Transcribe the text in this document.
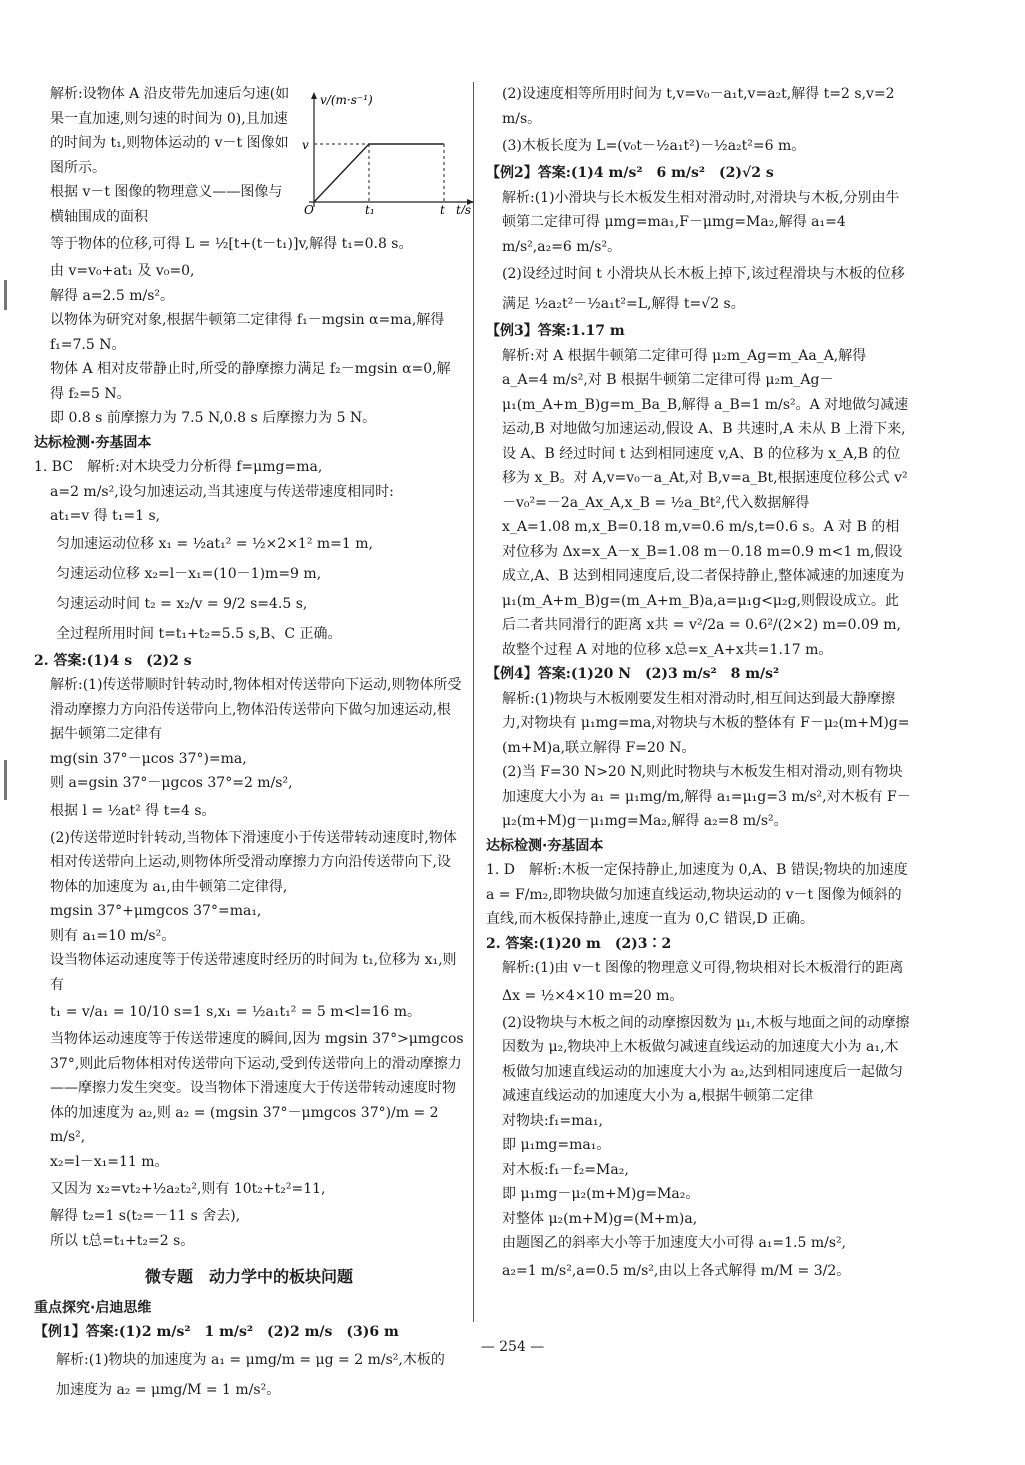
v/(m·s⁻¹)
v
O	t₁	t t/s

解析:设物体 A 沿皮带先加速后匀速(如果一直加速,则匀速的时间为 0),且加速的时间为 t₁,则物体运动的 v－t 图像如图所示。

根据 v－t 图像的物理意义——图像与横轴围成的面积

等于物体的位移,可得 L = ½[t+(t－t₁)]v,解得 t₁=0.8 s。

由 v=v₀+at₁ 及 v₀=0,

解得 a=2.5 m/s²。

以物体为研究对象,根据牛顿第二定律得 f₁－mgsin α=ma,解得 f₁=7.5 N。

物体 A 相对皮带静止时,所受的静摩擦力满足 f₂－mgsin α=0,解得 f₂=5 N。

即 0.8 s 前摩擦力为 7.5 N,0.8 s 后摩擦力为 5 N。

达标检测·夯基固本

1. BC　解析:对木块受力分析得 f=μmg=ma,

a=2 m/s²,设匀加速运动,当其速度与传送带速度相同时:

at₁=v 得 t₁=1 s,

匀加速运动位移 x₁ = ½at₁² = ½×2×1² m=1 m,

匀速运动位移 x₂=l－x₁=(10－1)m=9 m,

匀速运动时间 t₂ = x₂/v = 9/2 s=4.5 s,

全过程所用时间 t=t₁+t₂=5.5 s,B、C 正确。

2. 答案:(1)4 s　(2)2 s

解析:(1)传送带顺时针转动时,物体相对传送带向下运动,则物体所受滑动摩擦力方向沿传送带向上,物体沿传送带向下做匀加速运动,根据牛顿第二定律有

mg(sin 37°－μcos 37°)=ma,

则 a=gsin 37°－μgcos 37°=2 m/s²,

根据 l = ½at² 得 t=4 s。

(2)传送带逆时针转动,当物体下滑速度小于传送带转动速度时,物体相对传送带向上运动,则物体所受滑动摩擦力方向沿传送带向下,设物体的加速度为 a₁,由牛顿第二定律得,

mgsin 37°+μmgcos 37°=ma₁,

则有 a₁=10 m/s²。

设当物体运动速度等于传送带速度时经历的时间为 t₁,位移为 x₁,则有

t₁ = v/a₁ = 10/10 s=1 s,x₁ = ½a₁t₁² = 5 m<l=16 m。

当物体运动速度等于传送带速度的瞬间,因为 mgsin 37°>μmgcos 37°,则此后物体相对传送带向下运动,受到传送带向上的滑动摩擦力——摩擦力发生突变。设当物体下滑速度大于传送带转动速度时物体的加速度为 a₂,则 a₂ = (mgsin 37°－μmgcos 37°)/m = 2 m/s²,

x₂=l－x₁=11 m。

又因为 x₂=vt₂+½a₂t₂²,则有 10t₂+t₂²=11,

解得 t₂=1 s(t₂=－11 s 舍去),

所以 t总=t₁+t₂=2 s。

微专题　动力学中的板块问题

重点探究·启迪思维

【例1】答案:(1)2 m/s²　1 m/s²　(2)2 m/s　(3)6 m

解析:(1)物块的加速度为 a₁ = μmg/m = μg = 2 m/s²,木板的

加速度为 a₂ = μmg/M = 1 m/s²。

(2)设速度相等所用时间为 t,v=v₀－a₁t,v=a₂t,解得 t=2 s,v=2 m/s。

(3)木板长度为 L=(v₀t－½a₁t²)－½a₂t²=6 m。

【例2】答案:(1)4 m/s²　6 m/s²　(2)√2 s

解析:(1)小滑块与长木板发生相对滑动时,对滑块与木板,分别由牛顿第二定律可得 μmg=ma₁,F－μmg=Ma₂,解得 a₁=4 m/s²,a₂=6 m/s²。

(2)设经过时间 t 小滑块从长木板上掉下,该过程滑块与木板的位移满足 ½a₂t²－½a₁t²=L,解得 t=√2 s。

【例3】答案:1.17 m

解析:对 A 根据牛顿第二定律可得 μ₂m_Ag=m_Aa_A,解得 a_A=4 m/s²,对 B 根据牛顿第二定律可得 μ₂m_Ag－μ₁(m_A+m_B)g=m_Ba_B,解得 a_B=1 m/s²。A 对地做匀减速运动,B 对地做匀加速运动,假设 A、B 共速时,A 未从 B 上滑下来,设 A、B 经过时间 t 达到相同速度 v,A、B 的位移为 x_A,B 的位移为 x_B。对 A,v=v₀－a_At,对 B,v=a_Bt,根据速度位移公式 v²－v₀²=－2a_Ax_A,x_B = ½a_Bt²,代入数据解得

x_A=1.08 m,x_B=0.18 m,v=0.6 m/s,t=0.6 s。A 对 B 的相对位移为 Δx=x_A－x_B=1.08 m－0.18 m=0.9 m<1 m,假设成立,A、B 达到相同速度后,设二者保持静止,整体减速的加速度为 μ₁(m_A+m_B)g=(m_A+m_B)a,a=μ₁g<μ₂g,则假设成立。此后二者共同滑行的距离 x共 = v²/2a = 0.6²/(2×2) m=0.09 m,故整个过程 A 对地的位移 x总=x_A+x共=1.17 m。

【例4】答案:(1)20 N　(2)3 m/s²　8 m/s²

解析:(1)物块与木板刚要发生相对滑动时,相互间达到最大静摩擦力,对物块有 μ₁mg=ma,对物块与木板的整体有 F－μ₂(m+M)g=(m+M)a,联立解得 F=20 N。

(2)当 F=30 N>20 N,则此时物块与木板发生相对滑动,则有物块加速度大小为 a₁ = μ₁mg/m,解得 a₁=μ₁g=3 m/s²,对木板有 F－μ₂(m+M)g－μ₁mg=Ma₂,解得 a₂=8 m/s²。

达标检测·夯基固本

1. D　解析:木板一定保持静止,加速度为 0,A、B 错误;物块的加速度 a = F/m₂,即物块做匀加速直线运动,物块运动的 v－t 图像为倾斜的直线,而木板保持静止,速度一直为 0,C 错误,D 正确。

2. 答案:(1)20 m　(2)3∶2

解析:(1)由 v－t 图像的物理意义可得,物块相对长木板滑行的距离

Δx = ½×4×10 m=20 m。

(2)设物块与木板之间的动摩擦因数为 μ₁,木板与地面之间的动摩擦因数为 μ₂,物块冲上木板做匀减速直线运动的加速度大小为 a₁,木板做匀加速直线运动的加速度大小为 a₂,达到相同速度后一起做匀减速直线运动的加速度大小为 a,根据牛顿第二定律

对物块:f₁=ma₁,

即 μ₁mg=ma₁。

对木板:f₁－f₂=Ma₂,

即 μ₁mg－μ₂(m+M)g=Ma₂。

对整体 μ₂(m+M)g=(M+m)a,

由题图乙的斜率大小等于加速度大小可得 a₁=1.5 m/s²,

a₂=1 m/s²,a=0.5 m/s²,由以上各式解得 m/M = 3/2。

— 254 —
